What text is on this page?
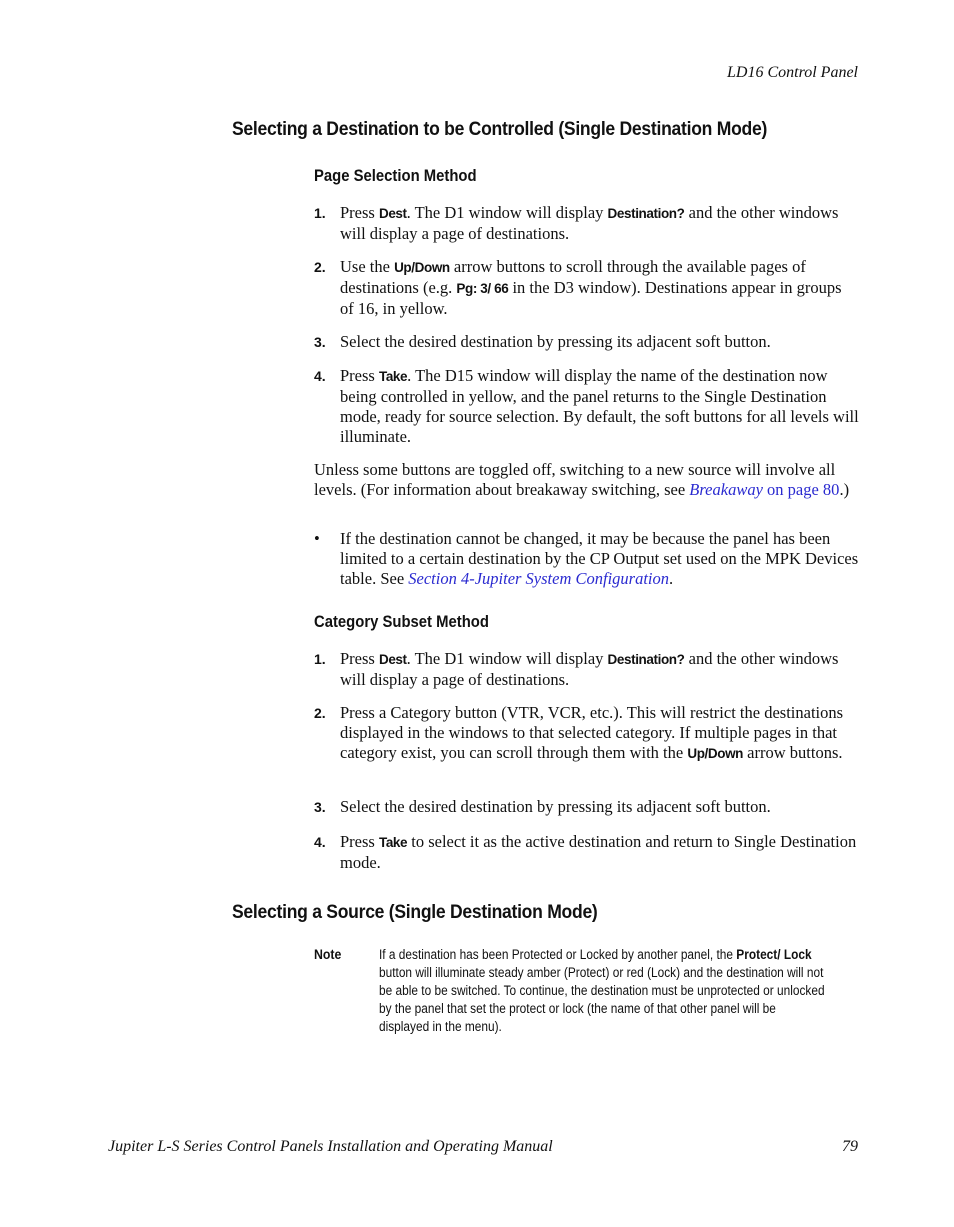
LD16 Control Panel
Selecting a Destination to be Controlled (Single Destination Mode)
Page Selection Method
1. Press Dest. The D1 window will display Destination? and the other windows will display a page of destinations.
2. Use the Up/Down arrow buttons to scroll through the available pages of destinations (e.g. Pg: 3/ 66 in the D3 window). Destinations appear in groups of 16, in yellow.
3. Select the desired destination by pressing its adjacent soft button.
4. Press Take. The D15 window will display the name of the destination now being controlled in yellow, and the panel returns to the Single Destination mode, ready for source selection. By default, the soft buttons for all levels will illuminate.
Unless some buttons are toggled off, switching to a new source will involve all levels. (For information about breakaway switching, see Breakaway on page 80.)
• If the destination cannot be changed, it may be because the panel has been limited to a certain destination by the CP Output set used on the MPK Devices table. See Section 4-Jupiter System Configuration.
Category Subset Method
1. Press Dest. The D1 window will display Destination? and the other windows will display a page of destinations.
2. Press a Category button (VTR, VCR, etc.). This will restrict the destinations displayed in the windows to that selected category. If multiple pages in that category exist, you can scroll through them with the Up/Down arrow buttons.
3. Select the desired destination by pressing its adjacent soft button.
4. Press Take to select it as the active destination and return to Single Destination mode.
Selecting a Source (Single Destination Mode)
Note	If a destination has been Protected or Locked by another panel, the Protect/ Lock button will illuminate steady amber (Protect) or red (Lock) and the destination will not be able to be switched. To continue, the destination must be unprotected or unlocked by the panel that set the protect or lock (the name of that other panel will be displayed in the menu).
Jupiter L-S Series Control Panels Installation and Operating Manual	79
